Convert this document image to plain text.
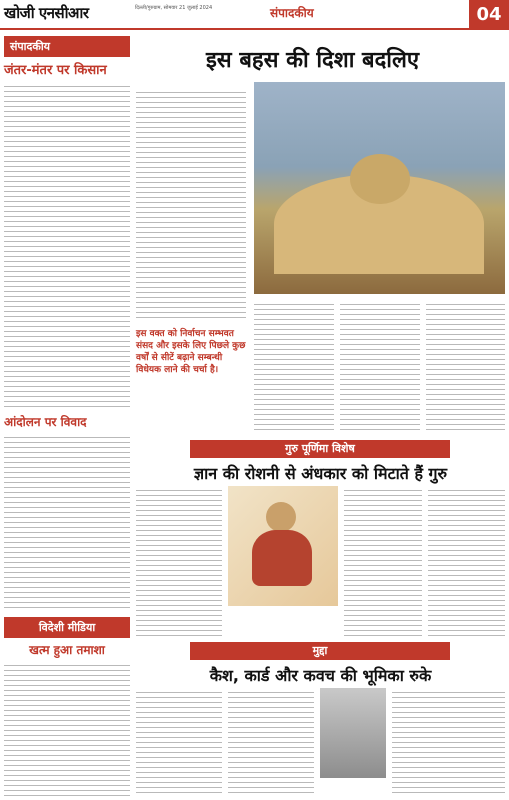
खोजी एनसीआर	दिल्ली/गुरुग्राम, सोमवार 21 जुलाई 2024	संपादकीय	04
संपादकीय
जंतर-मंतर पर किसान
आंदोलन पर विवाद
विदेशी मीडिया
खत्म हुआ तमाशा
इस बहस की दिशा बदलिए
इस वक्त को निर्वाचन सम्भवत संसद और इसके लिए पिछले कुछ वर्षों से सीटें बढ़ाने सम्बन्धी विधेयक लाने की चर्चा है।
गुरु पूर्णिमा विशेष
ज्ञान की रोशनी से अंधकार को मिटाते हैं गुरु
मुद्दा
कैश, कार्ड और कवच की भूमिका रुके
